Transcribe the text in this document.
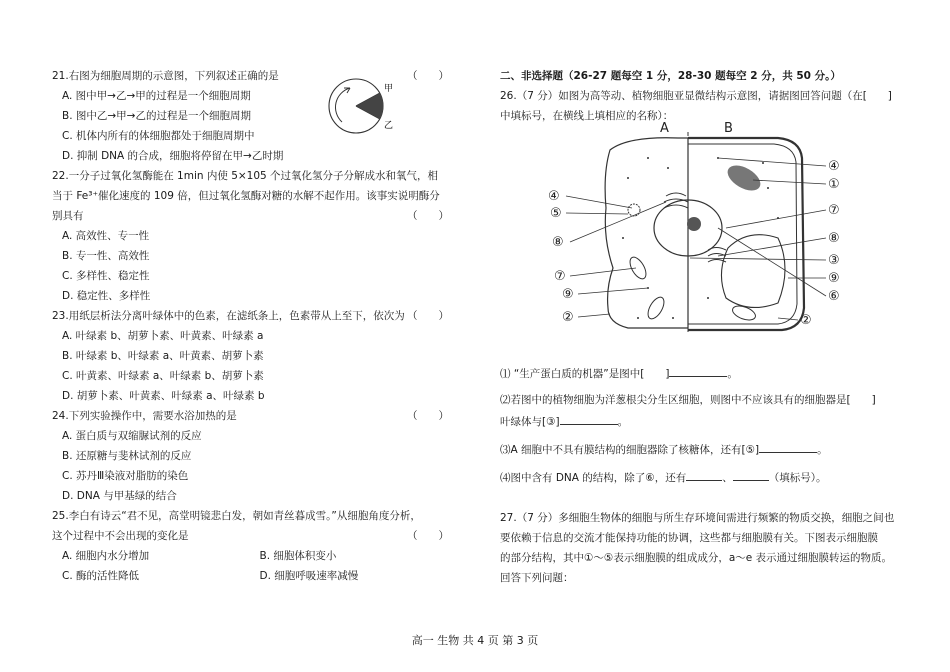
21.右图为细胞周期的示意图，下列叙述正确的是	（　　）
A. 图中甲→乙→甲的过程是一个细胞周期
B. 图中乙→甲→乙的过程是一个细胞周期
C. 机体内所有的体细胞都处于细胞周期中
D. 抑制 DNA 的合成，细胞将停留在甲→乙时期
22.一分子过氧化氢酶能在 1min 内使 5×105 个过氧化氢分子分解成水和氧气，相
当于 Fe³⁺催化速度的 109 倍，但过氧化氢酶对糖的水解不起作用。该事实说明酶分
别具有	（　　）
A. 高效性、专一性
B. 专一性、高效性
C. 多样性、稳定性
D. 稳定性、多样性
23.用纸层析法分离叶绿体中的色素，在滤纸条上，色素带从上至下，依次为 （　　）
A. 叶绿素 b、胡萝卜素、叶黄素、叶绿素 a
B. 叶绿素 b、叶绿素 a、叶黄素、胡萝卜素
C. 叶黄素、叶绿素 a、叶绿素 b、胡萝卜素
D. 胡萝卜素、叶黄素、叶绿素 a、叶绿素 b
24.下列实验操作中，需要水浴加热的是	（　　）
A. 蛋白质与双缩脲试剂的反应
B. 还原糖与斐林试剂的反应
C. 苏丹Ⅲ染液对脂肪的染色
D. DNA 与甲基绿的结合
25.李白有诗云“君不见，高堂明镜悲白发，朝如青丝暮成雪。”从细胞角度分析，
这个过程中不会出现的变化是	（　　）
A. 细胞内水分增加	B. 细胞体积变小
C. 酶的活性降低	D. 细胞呼吸速率减慢
甲
乙
二、非选择题（26-27 题每空 1 分，28-30 题每空 2 分，共 50 分。）
26.（7 分）如图为高等动、植物细胞亚显微结构示意图，请据图回答问题（在[　　]
中填标号，在横线上填相应的名称）：
A	B
④
⑤
⑧
⑦
⑨
②
④
①
⑦
⑧
③
⑨
⑥
②
⑴ “生产蛋白质的机器”是图中[　　]	。
⑵若图中的植物细胞为洋葱根尖分生区细胞，则图中不应该具有的细胞器是[　　]
叶绿体与[③]	。
⑶A 细胞中不具有膜结构的细胞器除了核糖体，还有[⑤]	。
⑷图中含有 DNA 的结构，除了⑥，还有	、	（填标号）。
27.（7 分）多细胞生物体的细胞与所生存环境间需进行频繁的物质交换，细胞之间也
要依赖于信息的交流才能保持功能的协调，这些都与细胞膜有关。下图表示细胞膜
的部分结构，其中①～⑤表示细胞膜的组成成分，a～e 表示通过细胞膜转运的物质。
回答下列问题：
高一 生物 共 4 页 第 3 页
